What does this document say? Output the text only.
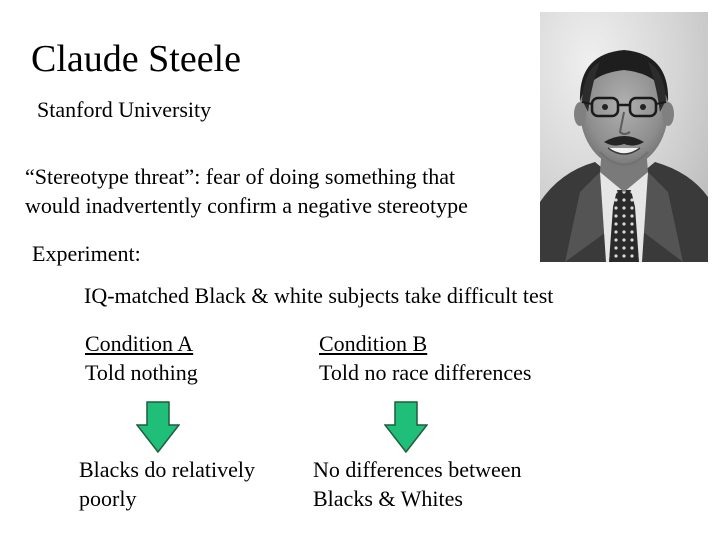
Claude Steele
Stanford University
“Stereotype threat”: fear of doing something that
would inadvertently confirm a negative stereotype
Experiment:
IQ-matched Black & white subjects take difficult test
Condition A
Told nothing
Condition B
Told no race differences
Blacks do relatively
poorly
No differences between
Blacks & Whites
